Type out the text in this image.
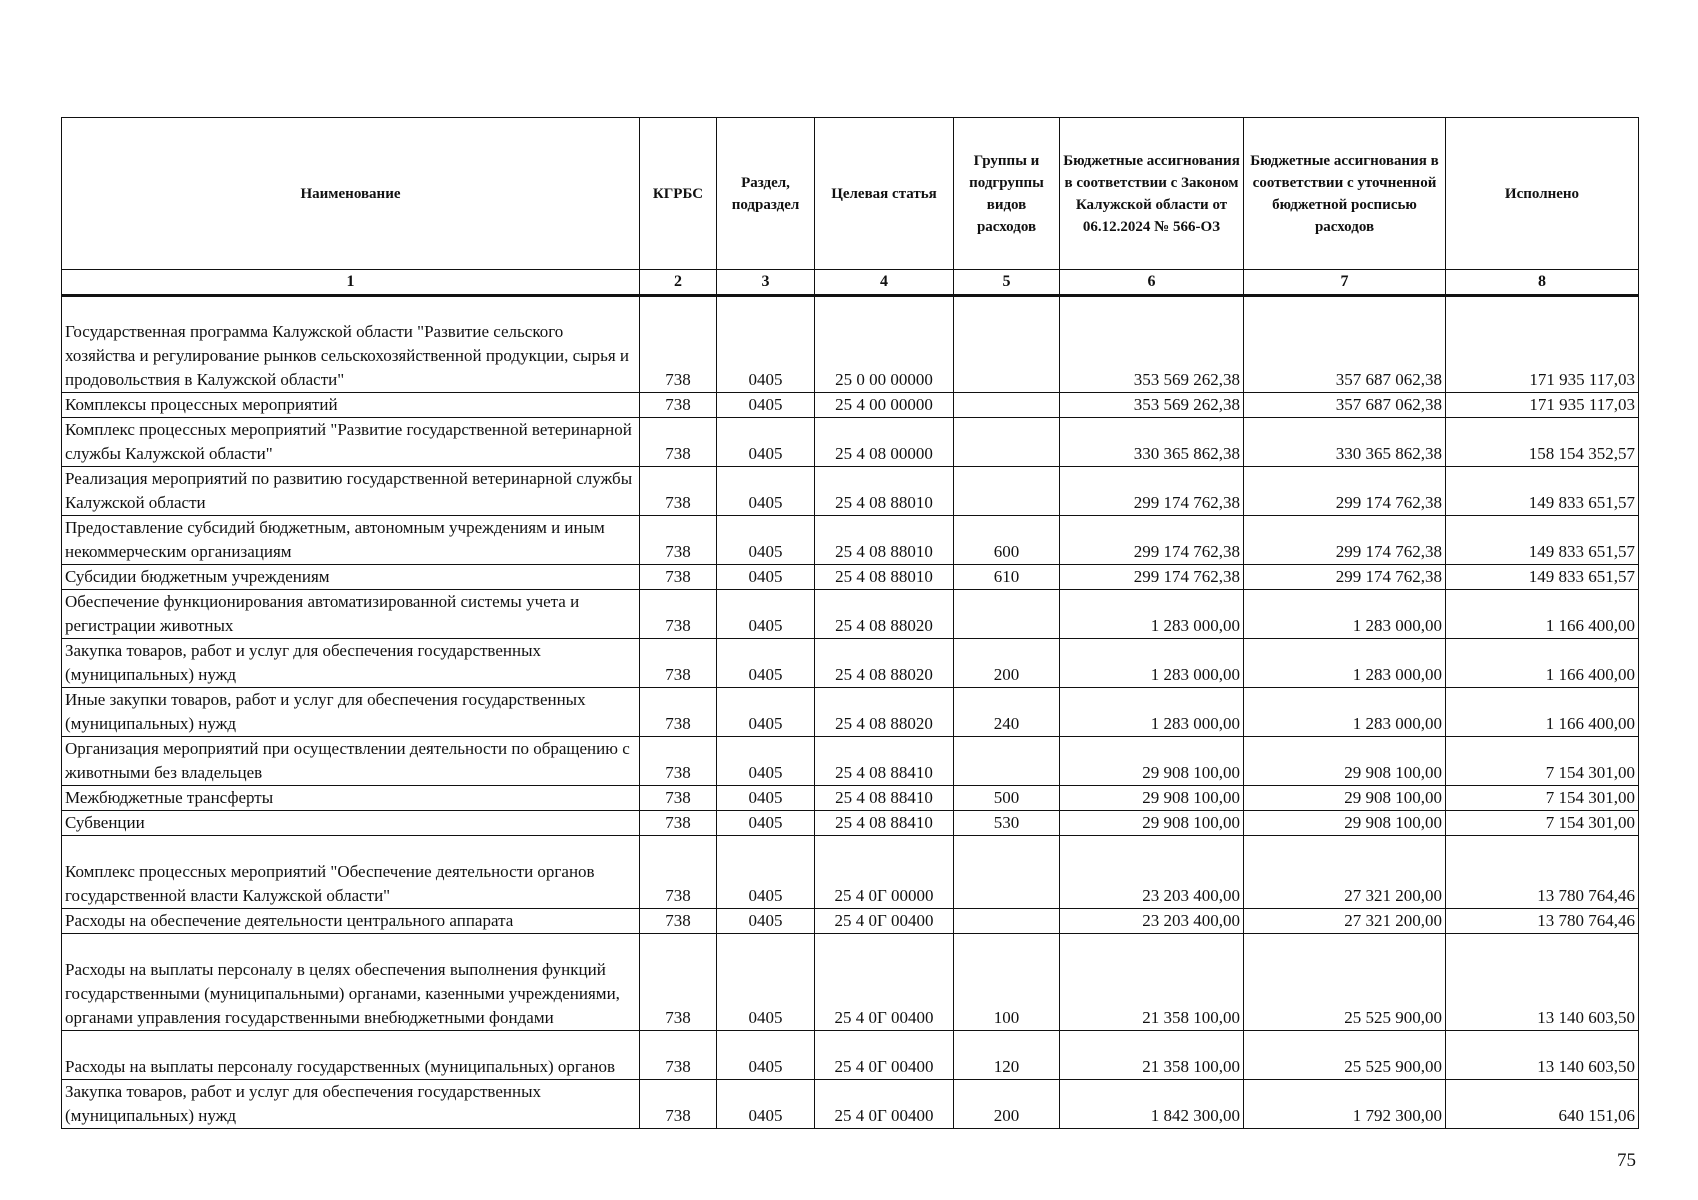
Наименование	КГРБС	Раздел, подраздел	Целевая статья	Группы и подгруппы видов расходов	Бюджетные ассигнования в соответствии с Законом Калужской области от 06.12.2024 № 566-ОЗ	Бюджетные ассигнования в соответствии с уточненной бюджетной росписью расходов	Исполнено
1	2	3	4	5	6	7	8
Государственная программа Калужской области "Развитие сельского хозяйства и регулирование рынков сельскохозяйственной продукции, сырья и продовольствия в Калужской области"	738	0405	25 0 00 00000		353 569 262,38	357 687 062,38	171 935 117,03
Комплексы процессных мероприятий	738	0405	25 4 00 00000		353 569 262,38	357 687 062,38	171 935 117,03
Комплекс процессных мероприятий "Развитие государственной ветеринарной службы Калужской области"	738	0405	25 4 08 00000		330 365 862,38	330 365 862,38	158 154 352,57
Реализация мероприятий по развитию государственной ветеринарной службы Калужской области	738	0405	25 4 08 88010		299 174 762,38	299 174 762,38	149 833 651,57
Предоставление субсидий бюджетным, автономным учреждениям и иным некоммерческим организациям	738	0405	25 4 08 88010	600	299 174 762,38	299 174 762,38	149 833 651,57
Субсидии бюджетным учреждениям	738	0405	25 4 08 88010	610	299 174 762,38	299 174 762,38	149 833 651,57
Обеспечение функционирования автоматизированной системы учета и регистрации животных	738	0405	25 4 08 88020		1 283 000,00	1 283 000,00	1 166 400,00
Закупка товаров, работ и услуг для обеспечения государственных (муниципальных) нужд	738	0405	25 4 08 88020	200	1 283 000,00	1 283 000,00	1 166 400,00
Иные закупки товаров, работ и услуг для обеспечения государственных (муниципальных) нужд	738	0405	25 4 08 88020	240	1 283 000,00	1 283 000,00	1 166 400,00
Организация мероприятий при осуществлении деятельности по обращению с животными без владельцев	738	0405	25 4 08 88410		29 908 100,00	29 908 100,00	7 154 301,00
Межбюджетные трансферты	738	0405	25 4 08 88410	500	29 908 100,00	29 908 100,00	7 154 301,00
Субвенции	738	0405	25 4 08 88410	530	29 908 100,00	29 908 100,00	7 154 301,00
Комплекс процессных мероприятий "Обеспечение деятельности органов государственной власти Калужской области"	738	0405	25 4 0Г 00000		23 203 400,00	27 321 200,00	13 780 764,46
Расходы на обеспечение деятельности центрального аппарата	738	0405	25 4 0Г 00400		23 203 400,00	27 321 200,00	13 780 764,46
Расходы на выплаты персоналу в целях обеспечения выполнения функций государственными (муниципальными) органами, казенными учреждениями, органами управления государственными внебюджетными фондами	738	0405	25 4 0Г 00400	100	21 358 100,00	25 525 900,00	13 140 603,50
Расходы на выплаты персоналу государственных (муниципальных) органов	738	0405	25 4 0Г 00400	120	21 358 100,00	25 525 900,00	13 140 603,50
Закупка товаров, работ и услуг для обеспечения государственных (муниципальных) нужд	738	0405	25 4 0Г 00400	200	1 842 300,00	1 792 300,00	640 151,06
75
